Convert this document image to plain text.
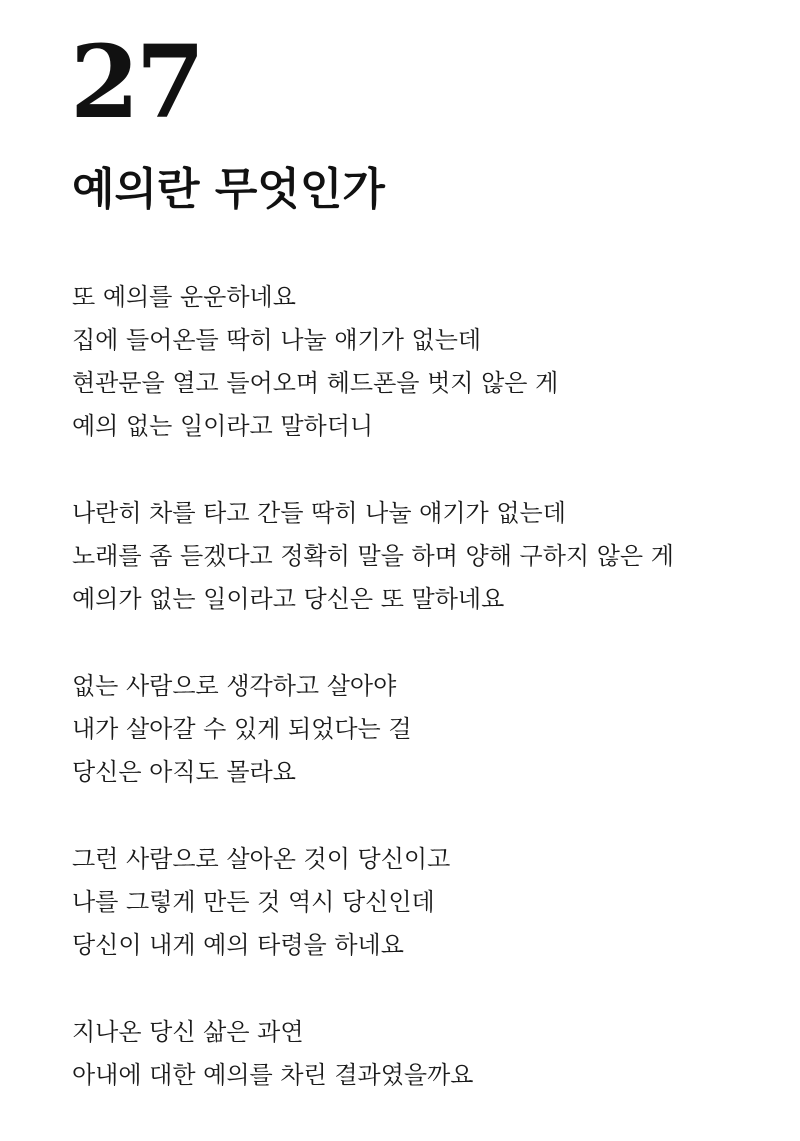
27
예의란 무엇인가
또 예의를 운운하네요
집에 들어온들 딱히 나눌 얘기가 없는데
현관문을 열고 들어오며 헤드폰을 벗지 않은 게
예의 없는 일이라고 말하더니
나란히 차를 타고 간들 딱히 나눌 얘기가 없는데
노래를 좀 듣겠다고 정확히 말을 하며 양해 구하지 않은 게
예의가 없는 일이라고 당신은 또 말하네요
없는 사람으로 생각하고 살아야
내가 살아갈 수 있게 되었다는 걸
당신은 아직도 몰라요
그런 사람으로 살아온 것이 당신이고
나를 그렇게 만든 것 역시 당신인데
당신이 내게 예의 타령을 하네요
지나온 당신 삶은 과연
아내에 대한 예의를 차린 결과였을까요
